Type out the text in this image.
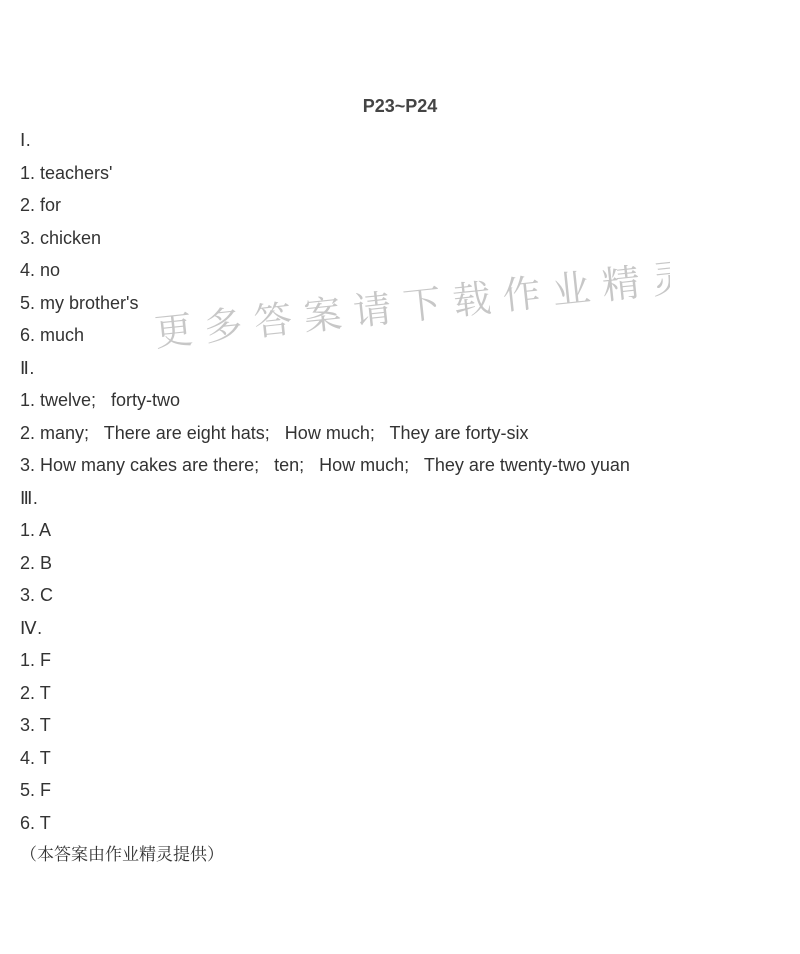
P23~P24
Ⅰ.
1. teachers'
2. for
3. chicken
4. no
5. my brother's
6. much
Ⅱ.
1. twelve;   forty-two
2. many;   There are eight hats;   How much;   They are forty-six
3. How many cakes are there;   ten;   How much;   They are twenty-two yuan
Ⅲ.
1. A
2. B
3. C
Ⅳ.
1. F
2. T
3. T
4. T
5. F
6. T
（本答案由作业精灵提供）
更多答案请下载作业精灵
